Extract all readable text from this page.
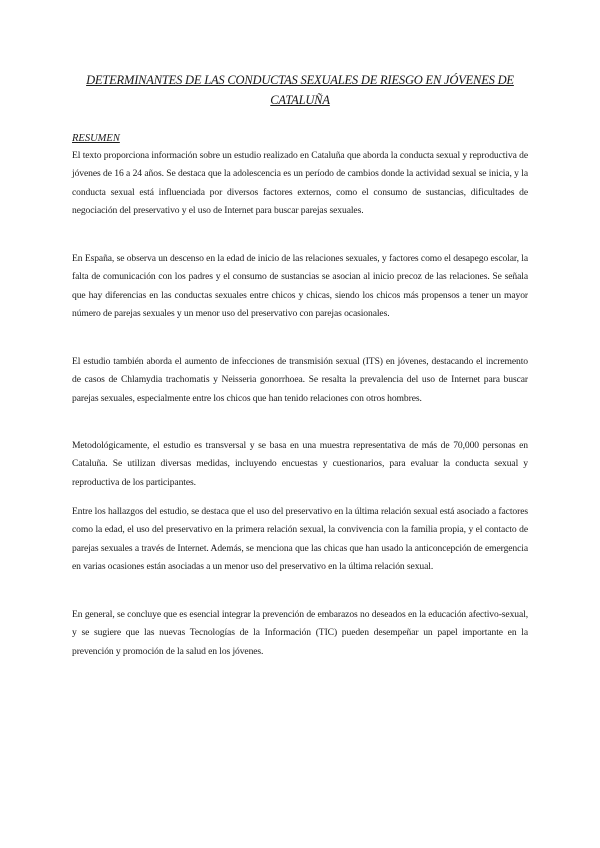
DETERMINANTES DE LAS CONDUCTAS SEXUALES DE RIESGO EN JÓVENES DE CATALUÑA
RESUMEN

El texto proporciona información sobre un estudio realizado en Cataluña que aborda la conducta sexual y reproductiva de jóvenes de 16 a 24 años. Se destaca que la adolescencia es un período de cambios donde la actividad sexual se inicia, y la conducta sexual está influenciada por diversos factores externos, como el consumo de sustancias, dificultades de negociación del preservativo y el uso de Internet para buscar parejas sexuales.

En España, se observa un descenso en la edad de inicio de las relaciones sexuales, y factores como el desapego escolar, la falta de comunicación con los padres y el consumo de sustancias se asocian al inicio precoz de las relaciones. Se señala que hay diferencias en las conductas sexuales entre chicos y chicas, siendo los chicos más propensos a tener un mayor número de parejas sexuales y un menor uso del preservativo con parejas ocasionales.

El estudio también aborda el aumento de infecciones de transmisión sexual (ITS) en jóvenes, destacando el incremento de casos de Chlamydia trachomatis y Neisseria gonorrhoea. Se resalta la prevalencia del uso de Internet para buscar parejas sexuales, especialmente entre los chicos que han tenido relaciones con otros hombres.

Metodológicamente, el estudio es transversal y se basa en una muestra representativa de más de 70,000 personas en Cataluña. Se utilizan diversas medidas, incluyendo encuestas y cuestionarios, para evaluar la conducta sexual y reproductiva de los participantes.

Entre los hallazgos del estudio, se destaca que el uso del preservativo en la última relación sexual está asociado a factores como la edad, el uso del preservativo en la primera relación sexual, la convivencia con la familia propia, y el contacto de parejas sexuales a través de Internet. Además, se menciona que las chicas que han usado la anticoncepción de emergencia en varias ocasiones están asociadas a un menor uso del preservativo en la última relación sexual.

En general, se concluye que es esencial integrar la prevención de embarazos no deseados en la educación afectivo-sexual, y se sugiere que las nuevas Tecnologías de la Información (TIC) pueden desempeñar un papel importante en la prevención y promoción de la salud en los jóvenes.
